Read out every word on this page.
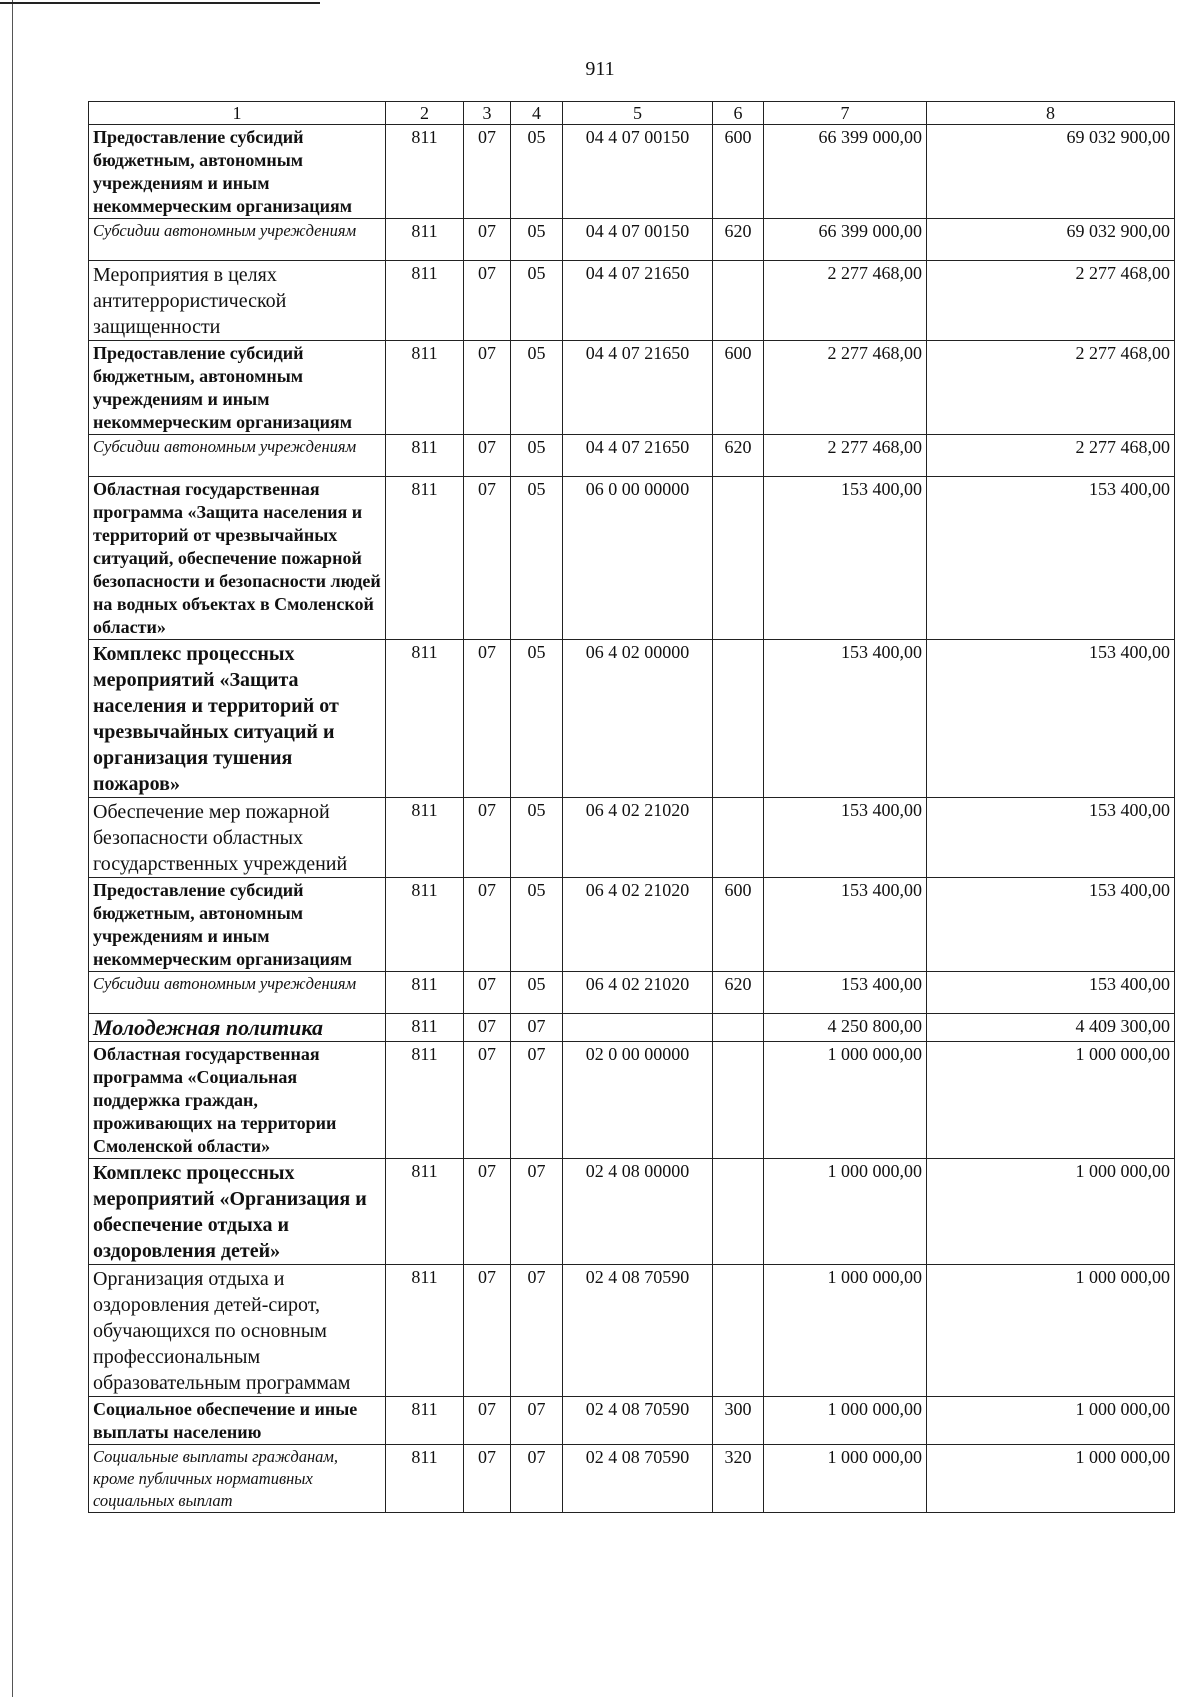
911
1	2	3	4	5	6	7	8
Предоставление субсидий бюджетным, автономным учреждениям и иным некоммерческим организациям	811	07	05	04 4 07 00150	600	66 399 000,00	69 032 900,00
Субсидии автономным учреждениям	811	07	05	04 4 07 00150	620	66 399 000,00	69 032 900,00
Мероприятия в целях антитеррористической защищенности	811	07	05	04 4 07 21650		2 277 468,00	2 277 468,00
Предоставление субсидий бюджетным, автономным учреждениям и иным некоммерческим организациям	811	07	05	04 4 07 21650	600	2 277 468,00	2 277 468,00
Субсидии автономным учреждениям	811	07	05	04 4 07 21650	620	2 277 468,00	2 277 468,00
Областная государственная программа «Защита населения и территорий от чрезвычайных ситуаций, обеспечение пожарной безопасности и безопасности людей на водных объектах в Смоленской области»	811	07	05	06 0 00 00000		153 400,00	153 400,00
Комплекс процессных мероприятий «Защита населения и территорий от чрезвычайных ситуаций и организация тушения пожаров»	811	07	05	06 4 02 00000		153 400,00	153 400,00
Обеспечение мер пожарной безопасности областных государственных учреждений	811	07	05	06 4 02 21020		153 400,00	153 400,00
Предоставление субсидий бюджетным, автономным учреждениям и иным некоммерческим организациям	811	07	05	06 4 02 21020	600	153 400,00	153 400,00
Субсидии автономным учреждениям	811	07	05	06 4 02 21020	620	153 400,00	153 400,00
Молодежная политика	811	07	07			4 250 800,00	4 409 300,00
Областная государственная программа «Социальная поддержка граждан, проживающих на территории Смоленской области»	811	07	07	02 0 00 00000		1 000 000,00	1 000 000,00
Комплекс процессных мероприятий «Организация и обеспечение отдыха и оздоровления детей»	811	07	07	02 4 08 00000		1 000 000,00	1 000 000,00
Организация отдыха и оздоровления детей-сирот, обучающихся по основным профессиональным образовательным программам	811	07	07	02 4 08 70590		1 000 000,00	1 000 000,00
Социальное обеспечение и иные выплаты населению	811	07	07	02 4 08 70590	300	1 000 000,00	1 000 000,00
Социальные выплаты гражданам, кроме публичных нормативных социальных выплат	811	07	07	02 4 08 70590	320	1 000 000,00	1 000 000,00
